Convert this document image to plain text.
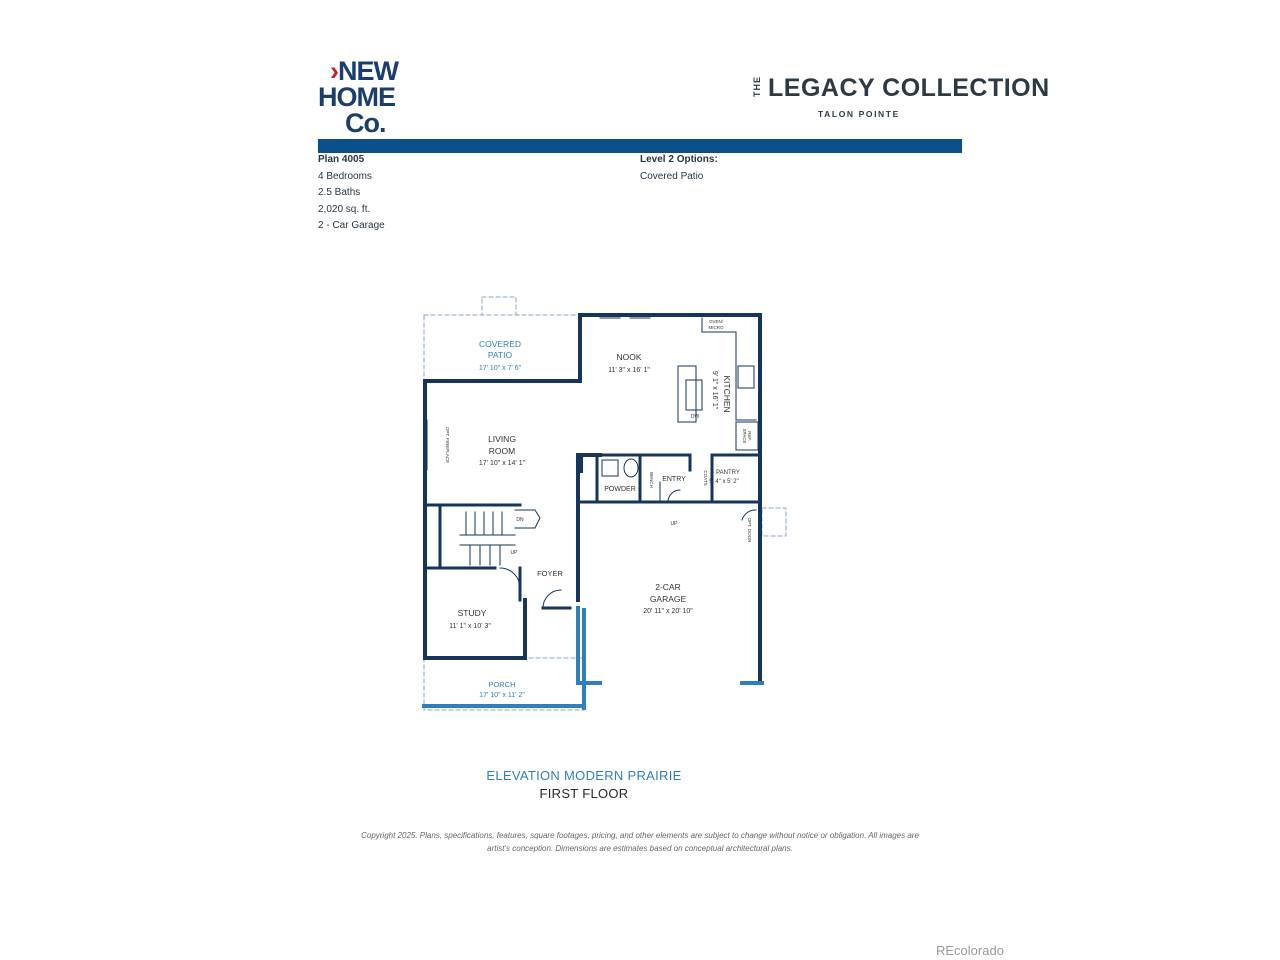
›NEW
HOME
Co.
THE LEGACY COLLECTION
TALON POINTE
Plan 4005
4 Bedrooms
2.5 Baths
2,020 sq. ft.
2 - Car Garage
Level 2 Options:
Covered Patio
COVERED
PATIO
17' 10" x 7' 6"
NOOK
11' 3" x 16' 1"
KITCHEN
9' 1" x 16' 1"
OVEN/
MICRO
DW
REF.
SPACE
LIVING
ROOM
17' 10" x 14' 1"
OPT. FIREPLACE
POWDER
BENCH ENTRY	COATS PANTRY
5' 4" x 5' 2"
DN
UP
UP	OPT. DOOR
FOYER
2-CAR
GARAGE
20' 11" x 20' 10"
STUDY
11' 1" x 10' 3"
PORCH
17' 10" x 11' 2"
ELEVATION MODERN PRAIRIE
FIRST FLOOR
Copyright 2025. Plans, specifications, features, square footages, pricing, and other elements are subject to change without notice or obligation. All images are artist's conception. Dimensions are estimates based on conceptual architectural plans.
REcolorado
